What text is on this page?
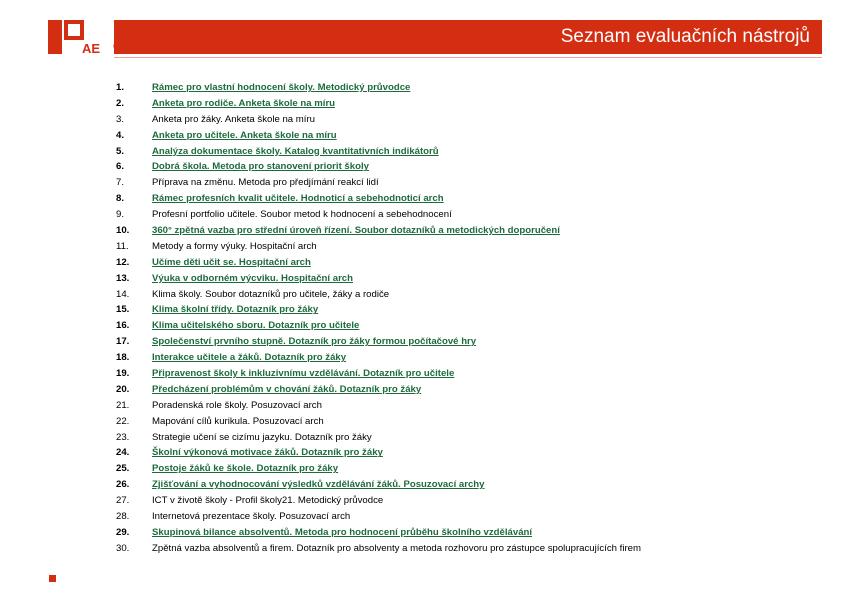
AE
Seznam evaluačních nástrojů
Cesta ke kvalitě
1.	Rámec pro vlastní hodnocení školy. Metodický průvodce
2.	Anketa pro rodiče. Anketa škole na míru
3.	Anketa pro žáky. Anketa škole na míru
4.	Anketa pro učitele. Anketa škole na míru
5.	Analýza dokumentace školy. Katalog kvantitativních indikátorů
6.	Dobrá škola. Metoda pro stanovení priorit školy
7.	Příprava na změnu. Metoda pro předjímání reakcí lidí
8.	Rámec profesních kvalit učitele. Hodnoticí a sebehodnoticí arch
9.	Profesní portfolio učitele. Soubor metod k hodnocení a sebehodnocení
10.	360° zpětná vazba pro střední úroveň řízení. Soubor dotazníků a metodických doporučení
11.	Metody a formy výuky. Hospitační arch
12.	Učíme děti učit se. Hospitační arch
13.	Výuka v odborném výcviku. Hospitační arch
14.	Klima školy. Soubor dotazníků pro učitele, žáky a rodiče
15.	Klima školní třídy. Dotazník pro žáky
16.	Klima učitelského sboru. Dotazník pro učitele
17.	Společenství prvního stupně. Dotazník pro žáky formou počítačové hry
18.	Interakce učitele a žáků. Dotazník pro žáky
19.	Připravenost školy k inkluzivnímu vzdělávání. Dotazník pro učitele
20.	Předcházení problémům v chování žáků. Dotazník pro žáky
21.	Poradenská role školy. Posuzovací arch
22.	Mapování cílů kurikula. Posuzovací arch
23.	Strategie učení se cizímu jazyku. Dotazník pro žáky
24.	Školní výkonová motivace žáků. Dotazník pro žáky
25.	Postoje žáků ke škole. Dotazník pro žáky
26.	Zjišťování a vyhodnocování výsledků vzdělávání žáků. Posuzovací archy
27.	ICT v životě školy - Profil školy21. Metodický průvodce
28.	Internetová prezentace školy. Posuzovací arch
29.	Skupinová bilance absolventů. Metoda pro hodnocení průběhu školního vzdělávání
30.	Zpětná vazba absolventů a firem. Dotazník pro absolventy a metoda rozhovoru pro zástupce spolupracujících firem
